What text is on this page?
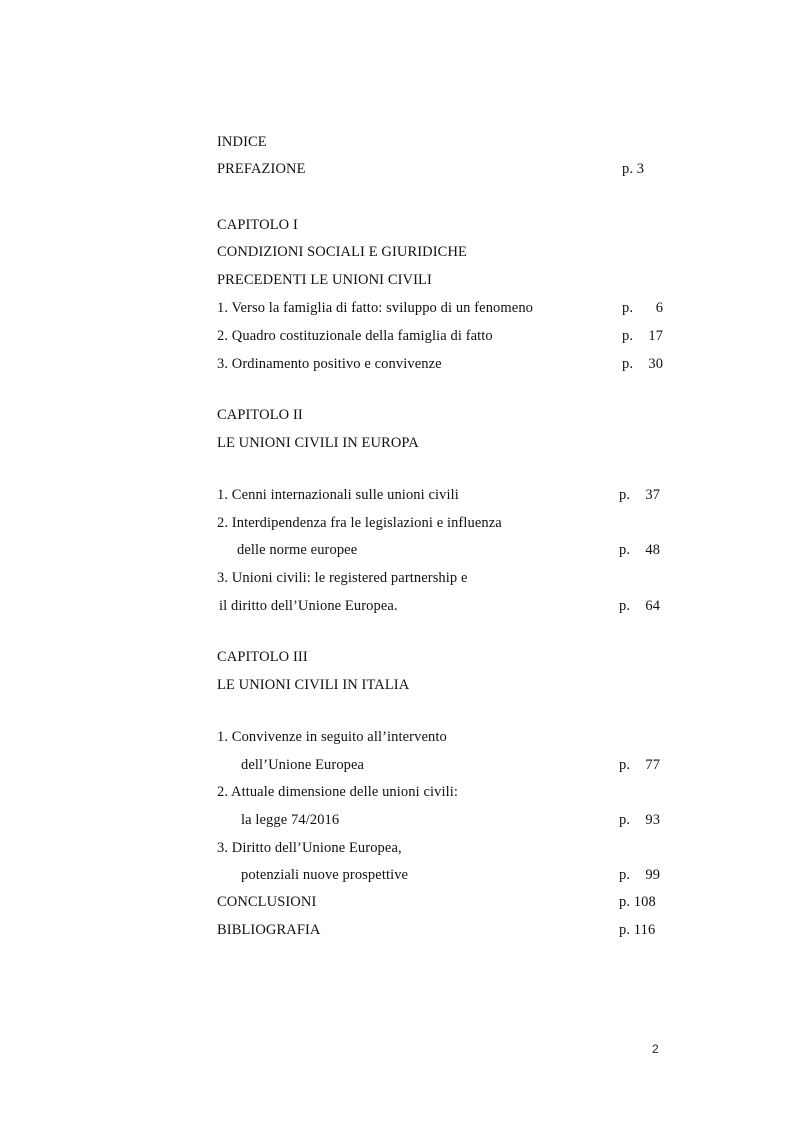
INDICE
PREFAZIONE	p. 3
CAPITOLO I
CONDIZIONI SOCIALI E GIURIDICHE
PRECEDENTI LE UNIONI CIVILI
1. Verso la famiglia di fatto: sviluppo di un fenomeno	p. 6
2. Quadro costituzionale della famiglia di fatto	p. 17
3. Ordinamento positivo e convivenze	p. 30
CAPITOLO II
LE UNIONI CIVILI IN EUROPA
1. Cenni internazionali sulle unioni civili	p. 37
2. Interdipendenza fra le legislazioni e influenza
delle norme europee	p. 48
3. Unioni civili: le registered partnership e
il diritto dell’Unione Europea.	p. 64
CAPITOLO III
LE UNIONI CIVILI IN ITALIA
1. Convivenze in seguito all’intervento
dell’Unione Europea	p. 77
2. Attuale dimensione delle unioni civili:
la legge 74/2016	p. 93
3. Diritto dell’Unione Europea,
potenziali nuove prospettive	p. 99
CONCLUSIONI	p. 108
BIBLIOGRAFIA	p. 116
2
